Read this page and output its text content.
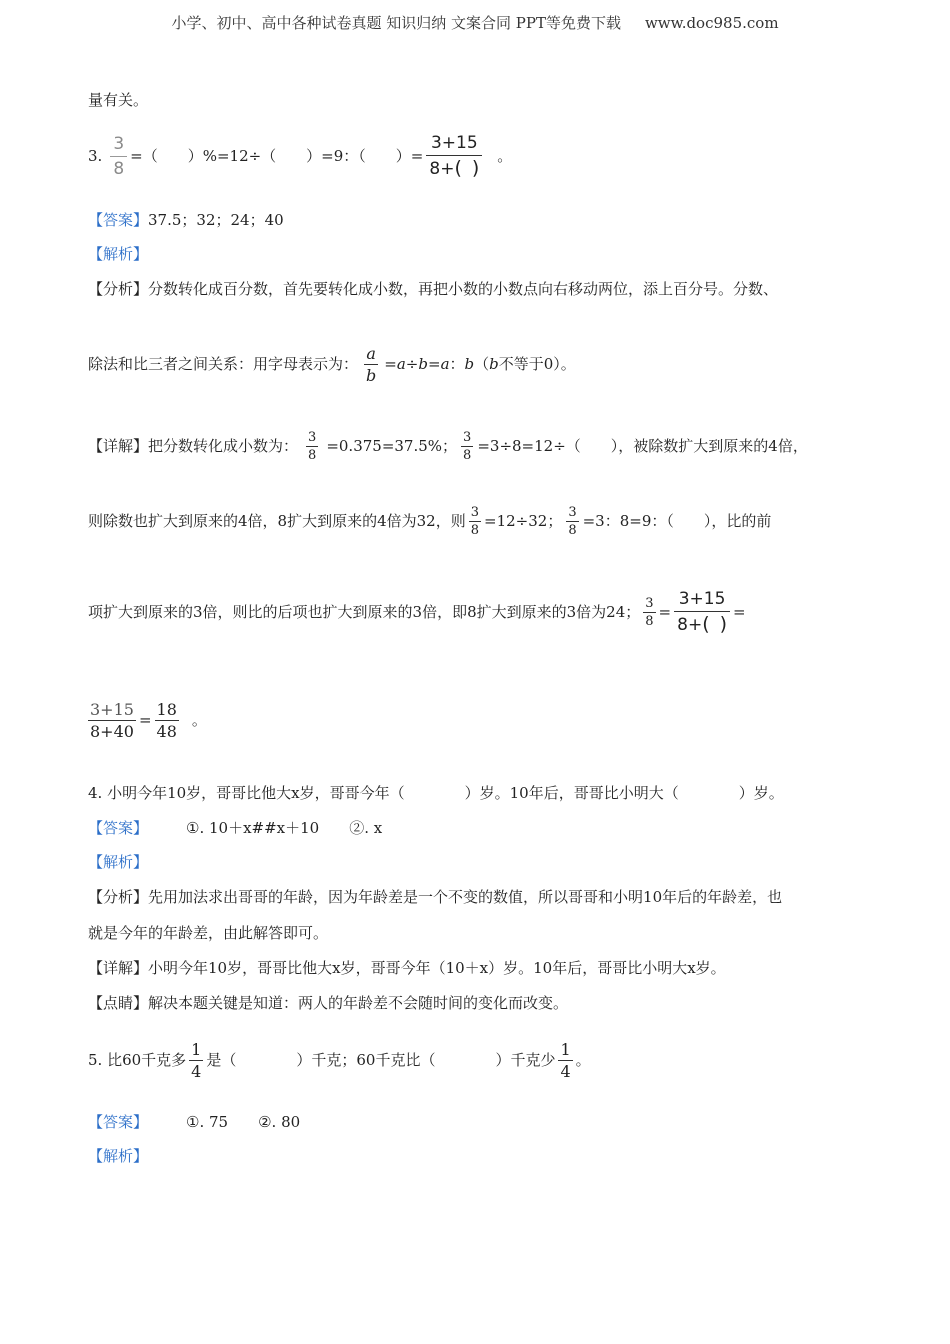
小学、初中、高中各种试卷真题 知识归纳 文案合同 PPT等免费下载 www.doc985.com
量有关。
3. $\frac{3}{8}$ =（　　）%=12÷（　　）=9：（　　）= $\frac{3+15}{8+( )}$ 。
【答案】37.5；32；24；40
【解析】
【分析】分数转化成百分数，首先要转化成小数，再把小数的小数点向右移动两位，添上百分号。分数、
除法和比三者之间关系：用字母表示为： $\frac{a}{b} = a \div b = a$ ： b （ b 不等于0）。
【详解】 把分数转化成小数为： $\frac{3}{8} =0.375=37.5\%$； $\frac{3}{8} =3\div 8=12\div$（　　），被除数扩大到原来的4倍，
则除数也扩大到原来的4倍，8扩大到原来的4倍为32，则 $\frac{3}{8} =12\div 32$； $\frac{3}{8} =3$：8=9：（　　），比的前
项扩大到原来的3倍，则比的后项也扩大到原来的3倍，即8扩大到原来的3倍为24； $\frac{3}{8} = \frac{3+15}{8+( )}$ =
$\frac{3+15}{8+40} = \frac{18}{48}$ 。
4. 小明今年10岁，哥哥比他大x岁，哥哥今年（　　　　）岁。10年后，哥哥比小明大（　　　　）岁。
【答案】	①. 10＋x##x＋10　　②. x
【解析】
【分析】先用加法求出哥哥的年龄，因为年龄差是一个不变的数值，所以哥哥和小明10年后的年龄差，也
就是今年的年龄差，由此解答即可。
【详解】小明今年10岁，哥哥比他大x岁，哥哥今年（10＋x）岁。10年后，哥哥比小明大x岁。
【点睛】解决本题关键是知道：两人的年龄差不会随时间的变化而改变。
5. 比60千克多 $\frac{1}{4}$ 是（　　　　）千克；60千克比（　　　　）千克少 $\frac{1}{4}$ 。
【答案】	①. 75　　②. 80
【解析】
